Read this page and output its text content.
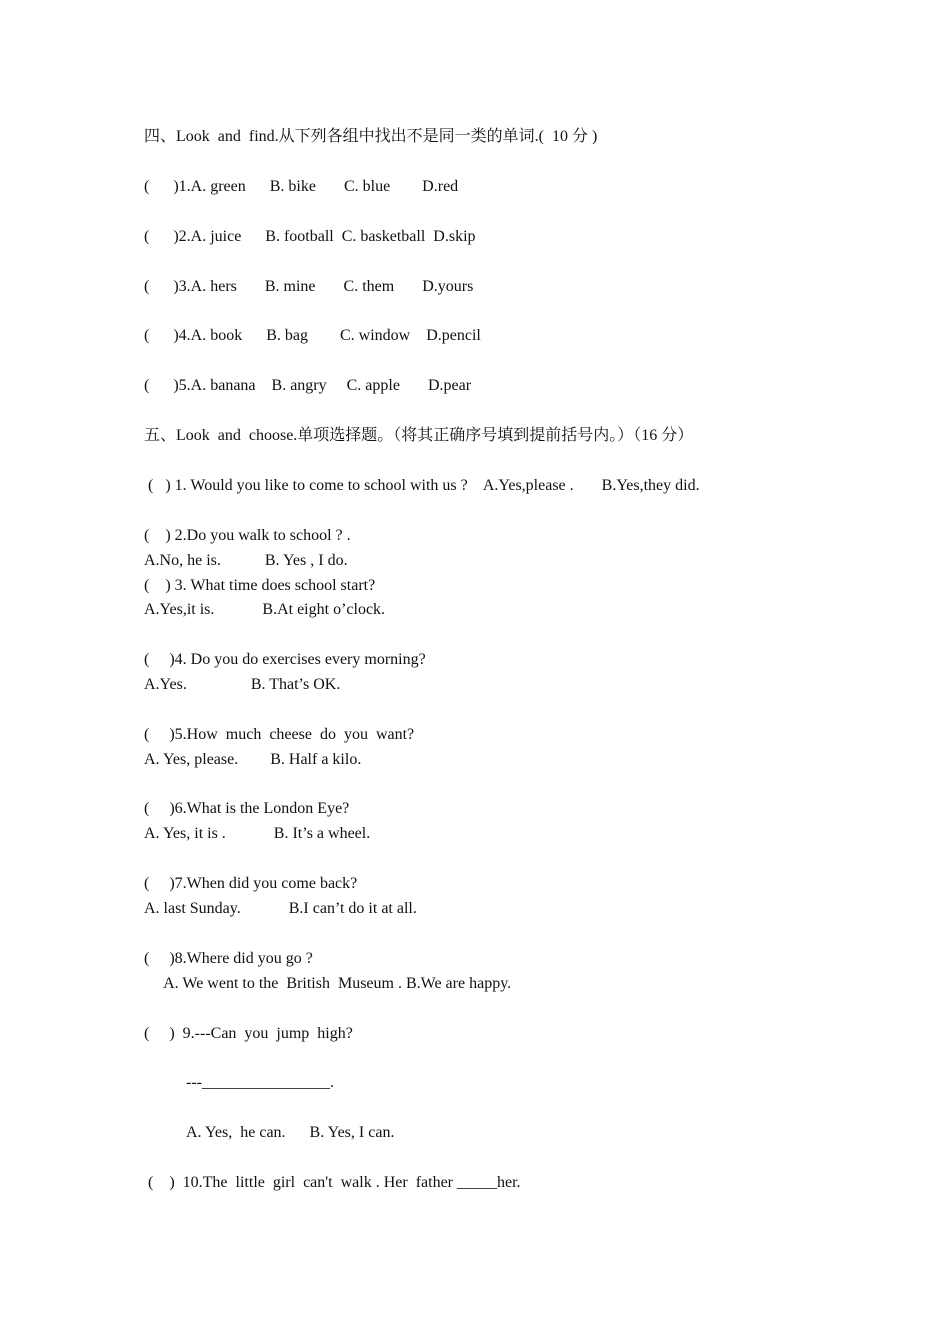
四、Look  and  find.从下列各组中找出不是同一类的单词.(  10 分 )
(      )1.A. green      B. bike       C. blue        D.red
(      )2.A. juice      B. football  C. basketball  D.skip
(      )3.A. hers       B. mine       C. them       D.yours
(      )4.A. book      B. bag        C. window    D.pencil
(      )5.A. banana    B. angry     C. apple       D.pear
五、Look  and  choose.单项选择题。（将其正确序号填到提前括号内。）（16 分）
(   ) 1. Would you like to come to school with us ?    A.Yes,please .       B.Yes,they did.
(    ) 2.Do you walk to school ? .
A.No, he is.           B. Yes , I do.
(    ) 3. What time does school start?
A.Yes,it is.            B.At eight o’clock.
(     )4. Do you do exercises every morning?
A.Yes.                B. That’s OK.
(     )5.How  much  cheese  do  you  want?
A. Yes, please.        B. Half a kilo.
(     )6.What is the London Eye?
A. Yes, it is .            B. It’s a wheel.
(     )7.When did you come back?
A. last Sunday.            B.I can’t do it at all.
(     )8.Where did you go ?
A. We went to the  British  Museum . B.We are happy.
(     )  9.---Can  you  jump  high?
---________________.
A. Yes,  he can.      B. Yes, I can.
(    )  10.The  little  girl  can't  walk . Her  father _____her.
